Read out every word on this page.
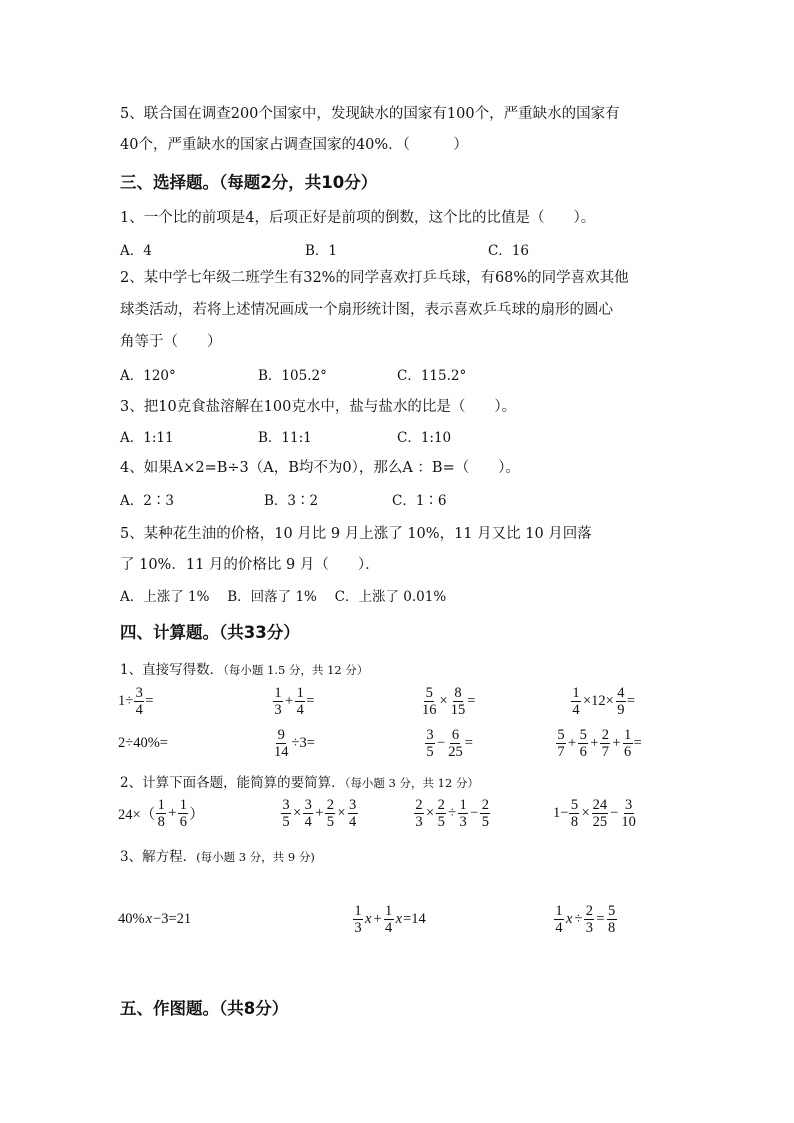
5、联合国在调查200个国家中，发现缺水的国家有100个，严重缺水的国家有
40个，严重缺水的国家占调查国家的40%．（　　　）
三、选择题。（每题2分，共10分）
1、一个比的前项是4，后项正好是前项的倒数，这个比的比值是（　　）。
A．4	B．1	C．16
2、某中学七年级二班学生有32%的同学喜欢打乒乓球，有68%的同学喜欢其他
球类活动，若将上述情况画成一个扇形统计图，表示喜欢乒乓球的扇形的圆心
角等于（　　）
A．120°	B．105.2°	C．115.2°
3、把10克食盐溶解在100克水中，盐与盐水的比是（　　）。
A．1:11	B．11:1	C．1:10
4、如果A×2=B÷3（A，B均不为0），那么A ：B=（　　）。
A．2∶3	B．3∶2	C．1∶6
5、某种花生油的价格，10 月比 9 月上涨了 10%，11 月又比 10 月回落
了 10%．11 月的价格比 9 月（　　）．
A．上涨了 1%　 B．回落了 1%　 C．上涨了 0.01%
四、计算题。（共33分）
1、直接写得数．（每小题 1.5 分，共 12 分）
$1\div \frac{3}{4}$ =	$\frac{1}{3} + \frac{1}{4}$ =	$\frac{5}{16} \times \frac{8}{15}$ =	$\frac{1}{4} \times 12\times \frac{4}{9}$ =
2÷40%=	$\frac{9}{14} \div 3=$	$\frac{3}{5} - \frac{6}{25}$ =	$\frac{5}{7} + \frac{5}{6} + \frac{2}{7} + \frac{1}{6}$ =
2、计算下面各题，能简算的要简算．（每小题 3 分，共 12 分）
$24\times( \frac{1}{8} + \frac{1}{6}$ ）	$\frac{3}{5} \times \frac{3}{4} + \frac{2}{5} \times \frac{3}{4}$	$\frac{2}{3} \times \frac{2}{5} \div \frac{1}{3} - \frac{2}{5}$	$1- \frac{5}{8} \times \frac{24}{25} - \frac{3}{10}$
3、解方程．(每小题 3 分，共 9 分)
40% x −3=21	$\frac{1}{3}$ $x + \frac{1}{4}$ x =14	$\frac{1}{4}$ $x \div \frac{2}{3} = \frac{5}{8}$
五、作图题。（共8分）
